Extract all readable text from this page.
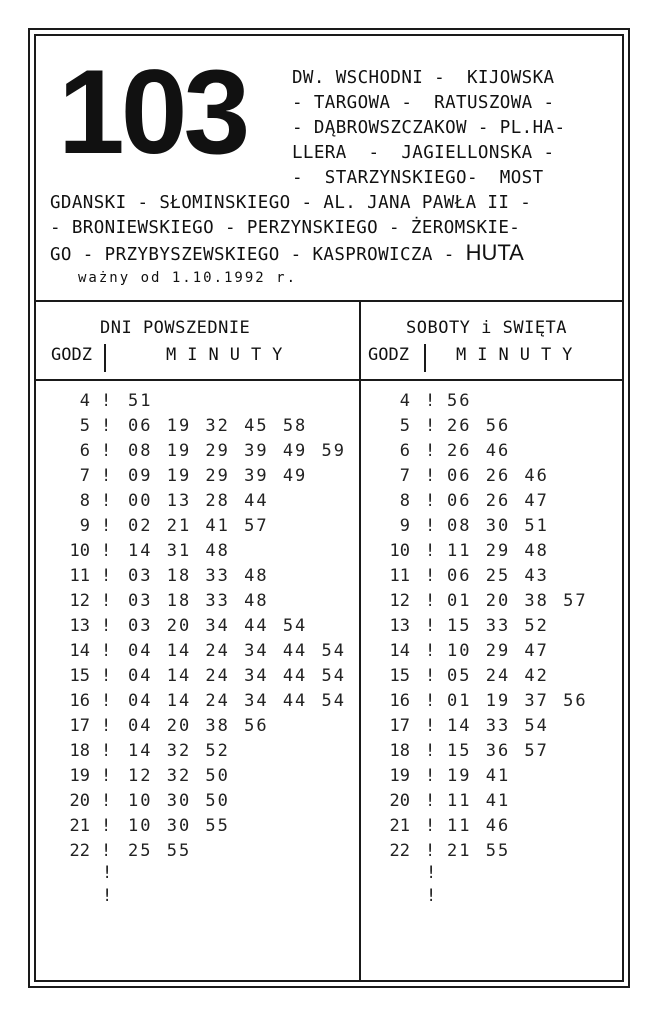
103	DW. WSCHODNI -  KIJOWSKA
- TARGOWA -  RATUSZOWA -
- DĄBROWSZCZAKOW - PL.HA-
LLERA  -  JAGIELLONSKA -
-  STARZYNSKIEGO-  MOST
GDANSKI - SŁOMINSKIEGO - AL. JANA PAWŁA II -
- BRONIEWSKIEGO - PERZYNSKIEGO - ŻEROMSKIE-
GO - PRZYBYSZEWSKIEGO - KASPROWICZA - HUTA
ważny od 1.10.1992 r.
DNI POWSZEDNIE
GODZ	MINUTY
SOBOTY i SWIĘTA
GODZ	MINUTY
4 ! 51
5 ! 06 19 32 45 58
6 ! 08 19 29 39 49 59
7 ! 09 19 29 39 49
8 ! 00 13 28 44
9 ! 02 21 41 57
10 ! 14 31 48
11 ! 03 18 33 48
12 ! 03 18 33 48
13 ! 03 20 34 44 54
14 ! 04 14 24 34 44 54
15 ! 04 14 24 34 44 54
16 ! 04 14 24 34 44 54
17 ! 04 20 38 56
18 ! 14 32 52
19 ! 12 32 50
20 ! 10 30 50
21 ! 10 30 55
22 ! 25 55
4 ! 56
5 ! 26 56
6 ! 26 46
7 ! 06 26 46
8 ! 06 26 47
9 ! 08 30 51
10 ! 11 29 48
11 ! 06 25 43
12 ! 01 20 38 57
13 ! 15 33 52
14 ! 10 29 47
15 ! 05 24 42
16 ! 01 19 37 56
17 ! 14 33 54
18 ! 15 36 57
19 ! 19 41
20 ! 11 41
21 ! 11 46
22 ! 21 55
!
!
!
!
